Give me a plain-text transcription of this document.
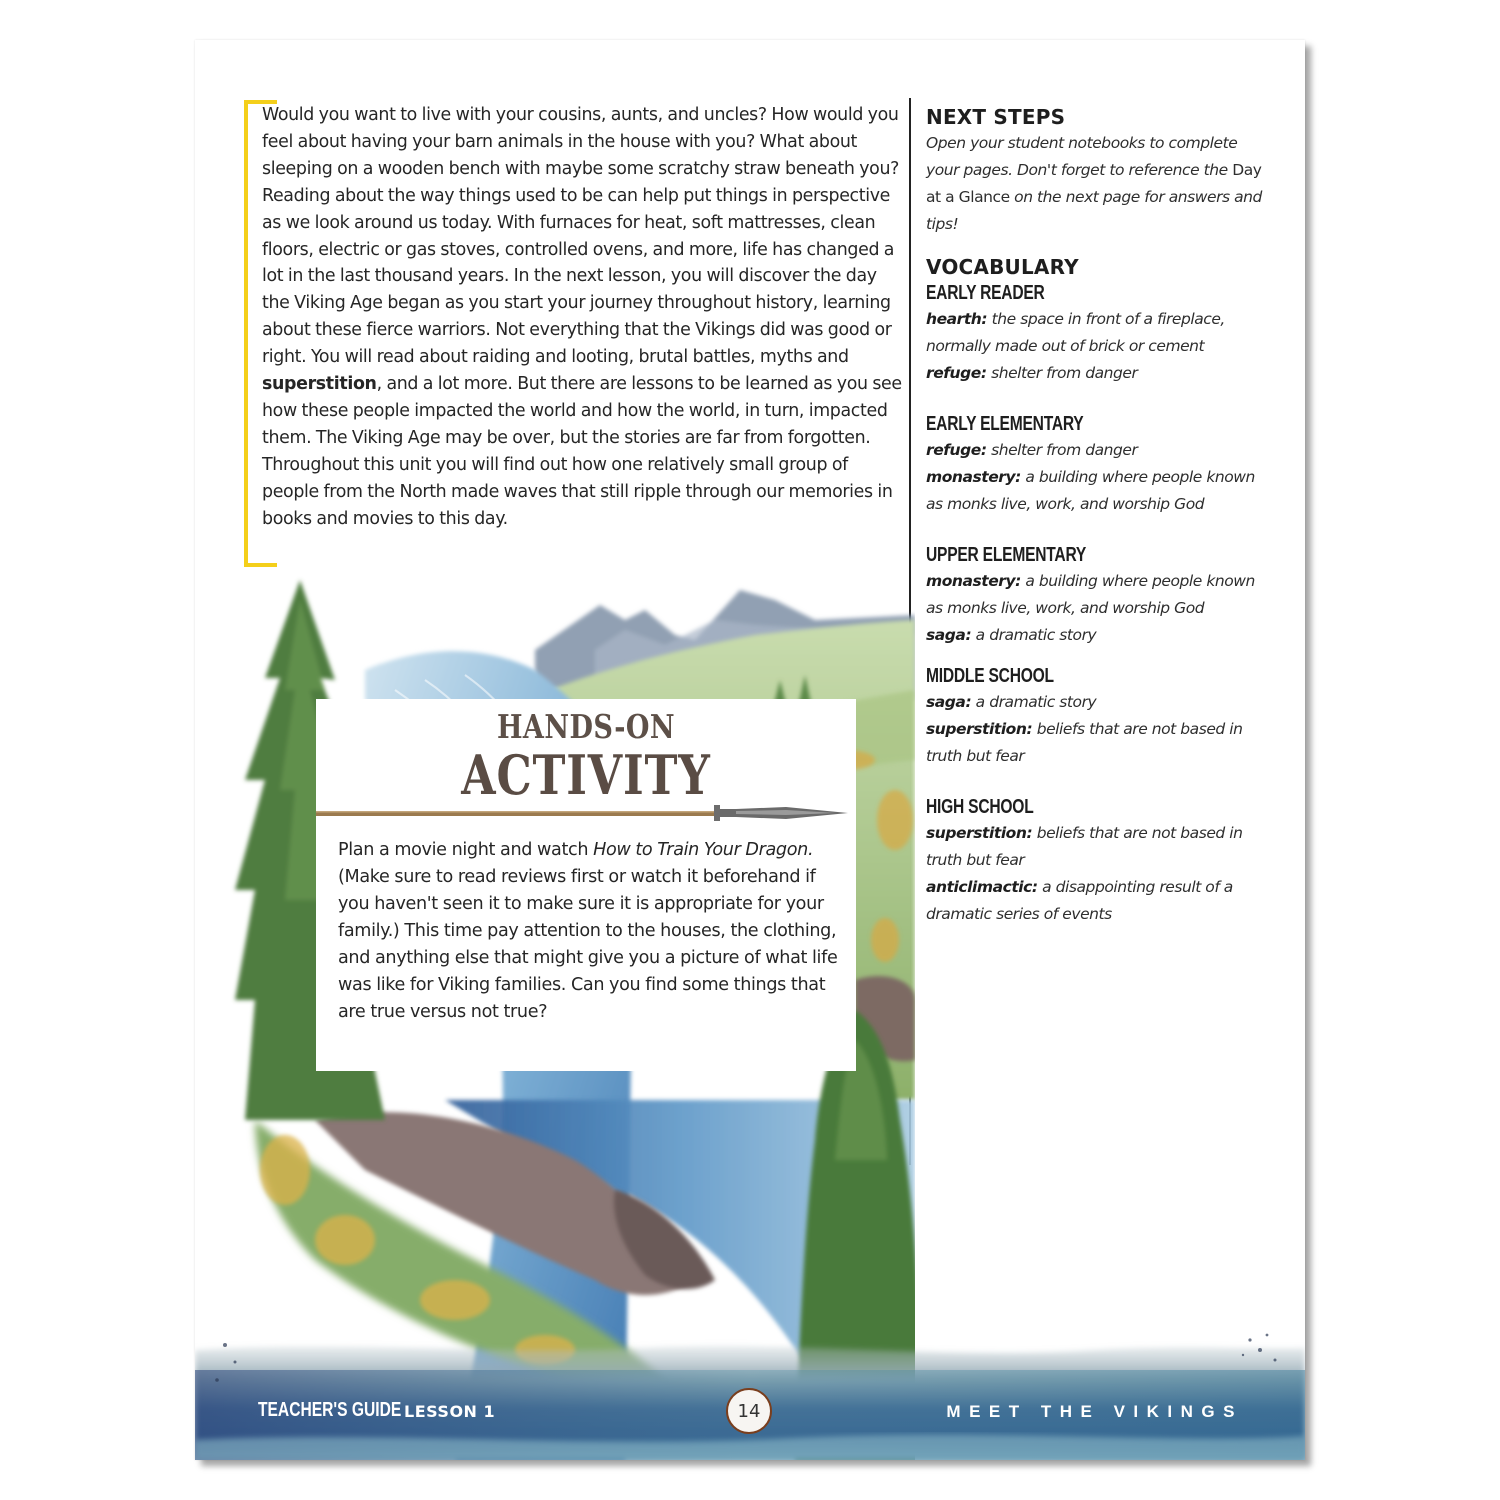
Would you want to live with your cousins, aunts, and uncles? How would you feel about having your barn animals in the house with you? What about sleeping on a wooden bench with maybe some scratchy straw beneath you? Reading about the way things used to be can help put things in perspective as we look around us today. With furnaces for heat, soft mattresses, clean floors, electric or gas stoves, controlled ovens, and more, life has changed a lot in the last thousand years. In the next lesson, you will discover the day the Viking Age began as you start your journey throughout history, learning about these fierce warriors. Not everything that the Vikings did was good or right. You will read about raiding and looting, brutal battles, myths and superstition, and a lot more. But there are lessons to be learned as you see how these people impacted the world and how the world, in turn, impacted them. The Viking Age may be over, but the stories are far from forgotten. Throughout this unit you will find out how one relatively small group of people from the North made waves that still ripple through our memories in books and movies to this day.

NEXT STEPS

Open your student notebooks to complete your pages. Don't forget to reference the Day at a Glance on the next page for answers and tips!

VOCABULARY
EARLY READER

hearth: the space in front of a fireplace, normally made out of brick or cement

refuge: shelter from danger

EARLY ELEMENTARY

refuge: shelter from danger

monastery: a building where people known as monks live, work, and worship God

UPPER ELEMENTARY

monastery: a building where people known as monks live, work, and worship God

saga: a dramatic story

MIDDLE SCHOOL

saga: a dramatic story

superstition: beliefs that are not based in truth but fear

HIGH SCHOOL

superstition: beliefs that are not based in truth but fear

anticlimactic: a disappointing result of a dramatic series of events

HANDS-ON
ACTIVITY

Plan a movie night and watch How to Train Your Dragon. (Make sure to read reviews first or watch it beforehand if you haven't seen it to make sure it is appropriate for your family.) This time pay attention to the houses, the clothing, and anything else that might give you a picture of what life was like for Viking families. Can you find some things that are true versus not true?

TEACHER'S GUIDE LESSON 1	14	MEET THE VIKINGS
